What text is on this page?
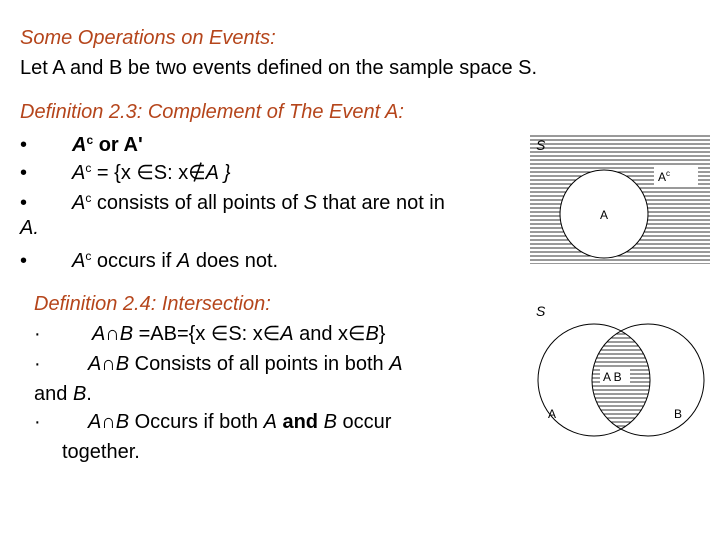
Some Operations on Events:
Let A and B be two events defined on the sample space S.
Definition 2.3: Complement of The Event A:
• $A^c$ or A'
• $A^c = \{x$ ∈S: x∉A }
• $A^c$ consists of all points of S that are not in
A.
• $A^c$ occurs if A does not.
Definition 2.4: Intersection:
·	A∩B =AB={x ∈S: x∈A and x∈B}
· A∩B Consists of all points in both A
and B.
· A∩B Occurs if both A and B occur
together.
S
$A^c$
A
S
A B
A	B
